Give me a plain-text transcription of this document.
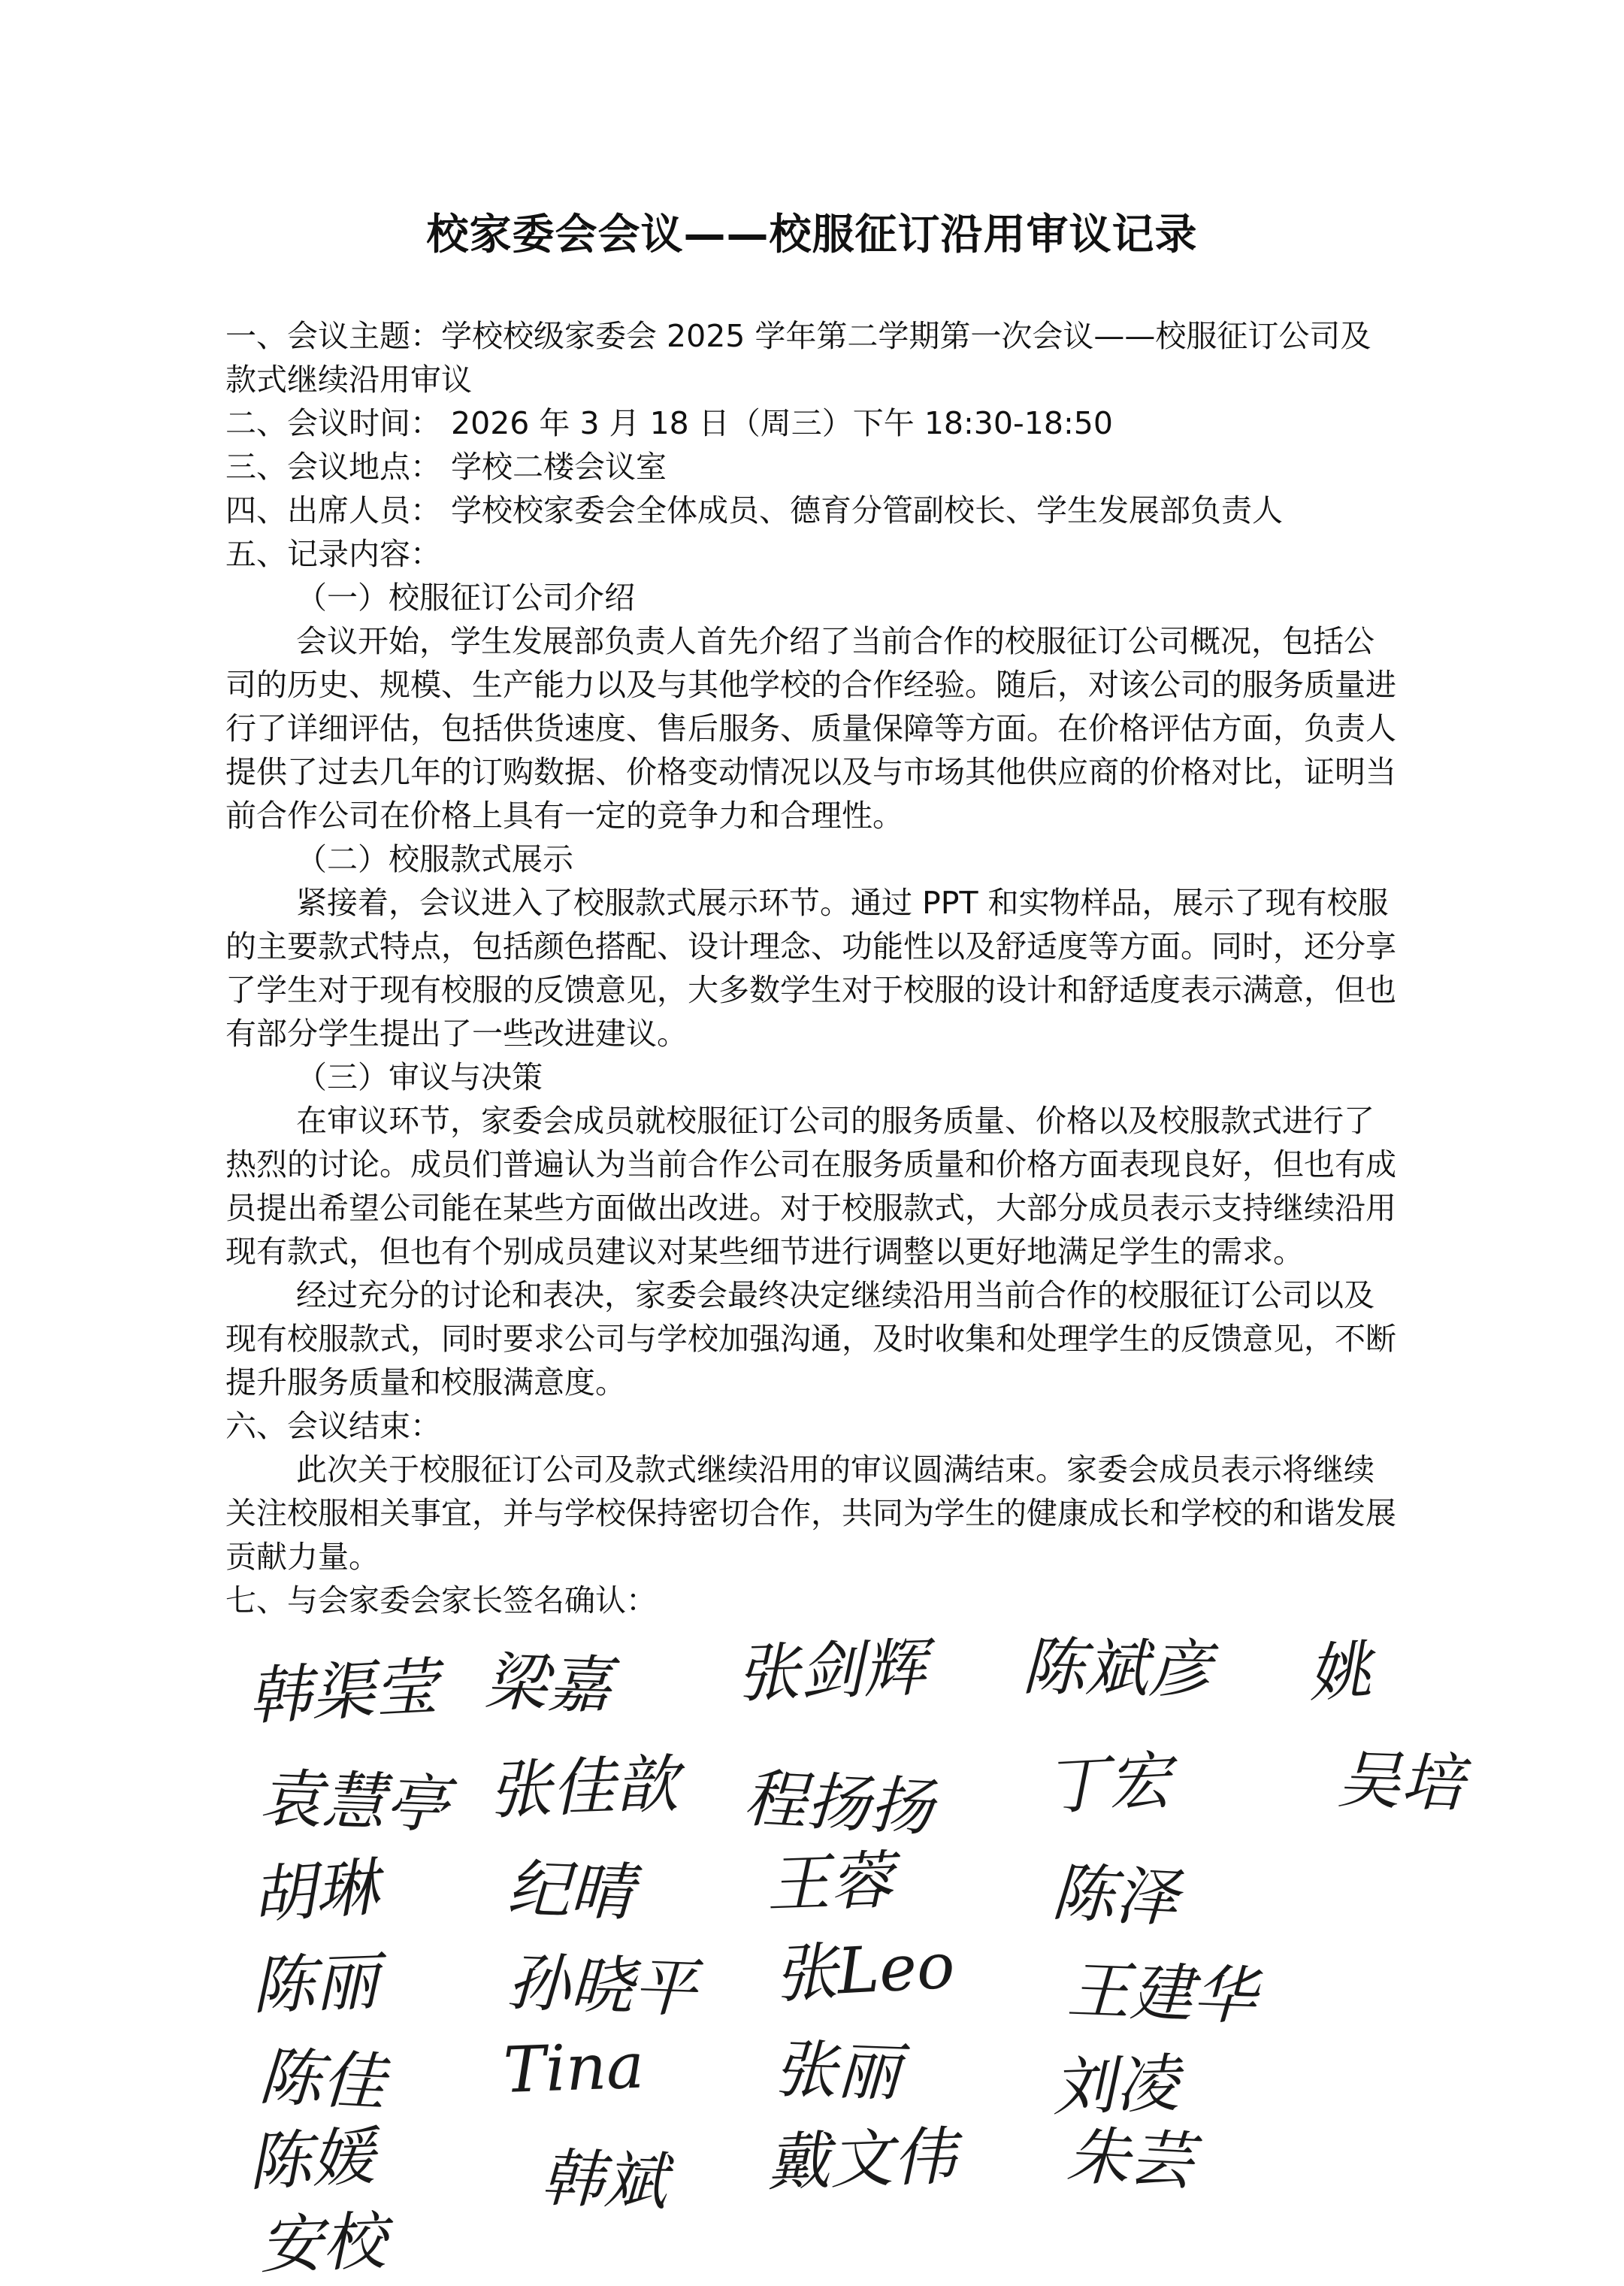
校家委会会议——校服征订沿用审议记录

一、会议主题：学校校级家委会 2025 学年第二学期第一次会议——校服征订公司及款式继续沿用审议

二、会议时间： 2026 年 3 月 18 日（周三）下午 18:30-18:50

三、会议地点： 学校二楼会议室

四、出席人员： 学校校家委会全体成员、德育分管副校长、学生发展部负责人

五、记录内容：

（一）校服征订公司介绍

会议开始，学生发展部负责人首先介绍了当前合作的校服征订公司概况，包括公司的历史、规模、生产能力以及与其他学校的合作经验。随后，对该公司的服务质量进行了详细评估，包括供货速度、售后服务、质量保障等方面。在价格评估方面，负责人提供了过去几年的订购数据、价格变动情况以及与市场其他供应商的价格对比，证明当前合作公司在价格上具有一定的竞争力和合理性。

（二）校服款式展示

紧接着，会议进入了校服款式展示环节。通过 PPT 和实物样品，展示了现有校服的主要款式特点，包括颜色搭配、设计理念、功能性以及舒适度等方面。同时，还分享了学生对于现有校服的反馈意见，大多数学生对于校服的设计和舒适度表示满意，但也有部分学生提出了一些改进建议。

（三）审议与决策

在审议环节，家委会成员就校服征订公司的服务质量、价格以及校服款式进行了热烈的讨论。成员们普遍认为当前合作公司在服务质量和价格方面表现良好，但也有成员提出希望公司能在某些方面做出改进。对于校服款式，大部分成员表示支持继续沿用现有款式，但也有个别成员建议对某些细节进行调整以更好地满足学生的需求。

经过充分的讨论和表决，家委会最终决定继续沿用当前合作的校服征订公司以及现有校服款式，同时要求公司与学校加强沟通，及时收集和处理学生的反馈意见，不断提升服务质量和校服满意度。

六、会议结束：

此次关于校服征订公司及款式继续沿用的审议圆满结束。家委会成员表示将继续关注校服相关事宜，并与学校保持密切合作，共同为学生的健康成长和学校的和谐发展贡献力量。

七、与会家委会家长签名确认：

韩渠莹 梁嘉 张剑辉 陈斌彦 姚
袁慧亭 张佳歆 程扬扬 丁宏	吴培
胡琳 纪晴 王蓉 陈泽
陈丽 孙晓平 张Leo 王建华
陈佳 Tina 张丽 刘凌
陈媛	韩斌 戴文伟 朱芸
安校
